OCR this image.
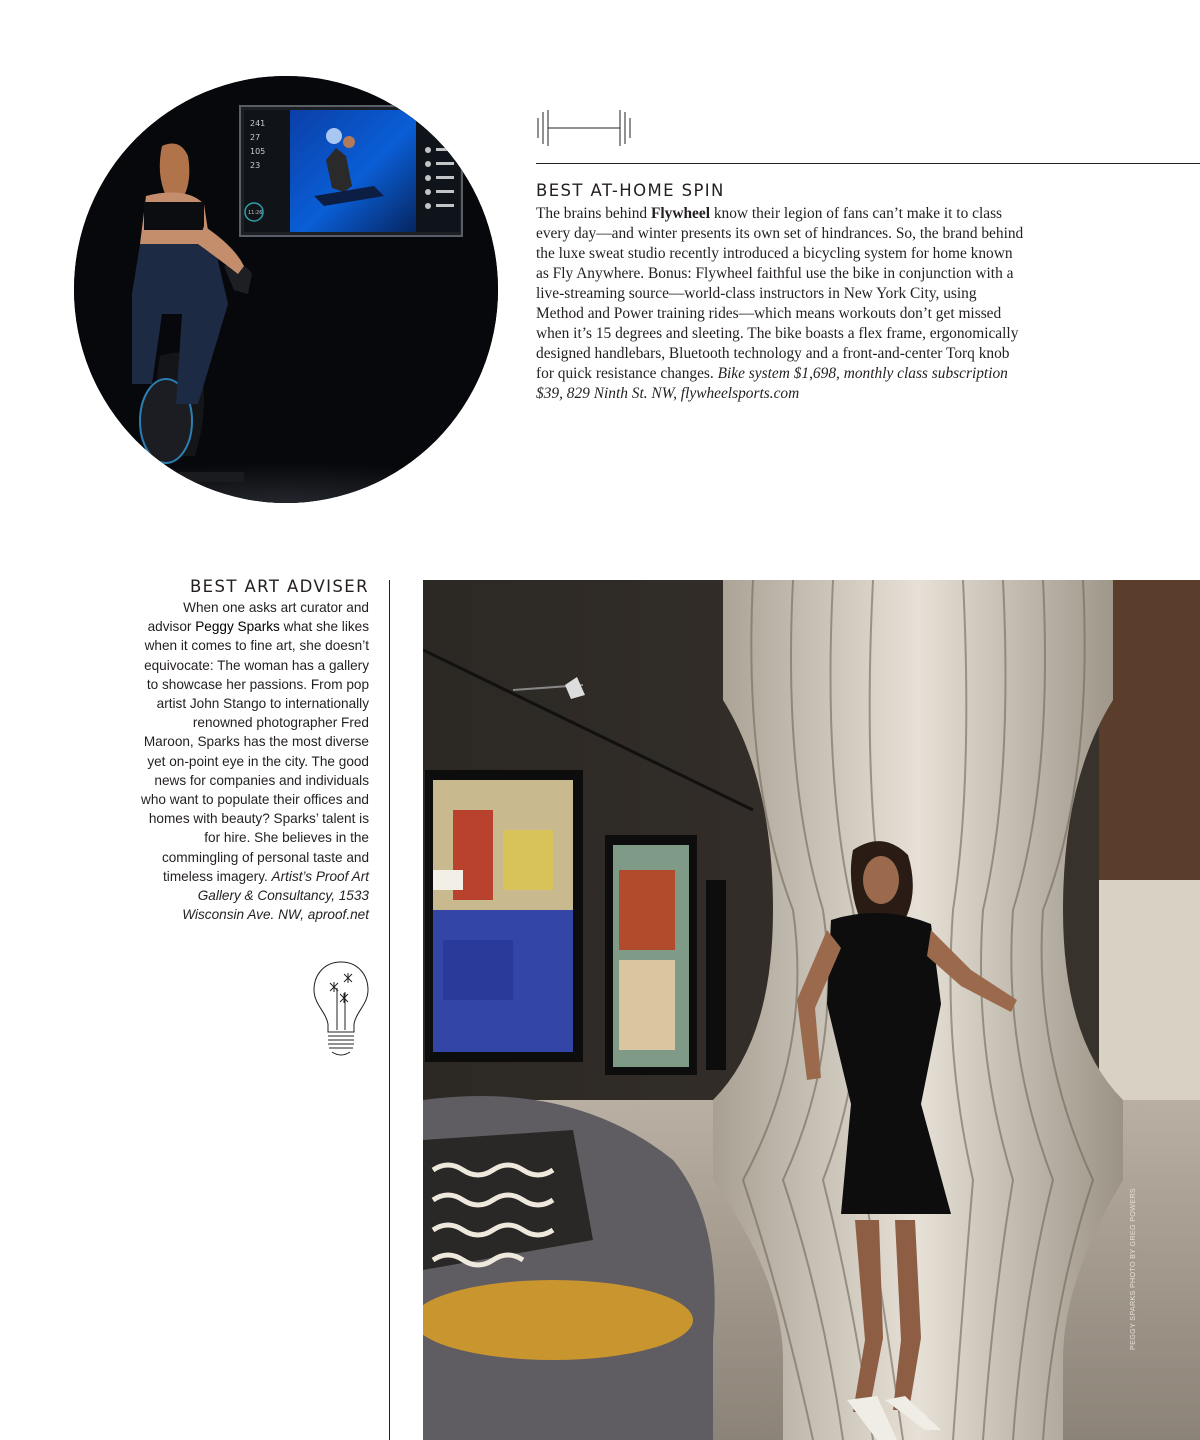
241
27
105
23
11:26
BEST AT-HOME SPIN

The brains behind Flywheel know their legion of fans can’t make it to class every day—and winter presents its own set of hindrances. So, the brand behind the luxe sweat studio recently introduced a bicycling system for home known as Fly Anywhere. Bonus: Flywheel faithful use the bike in conjunction with a live-streaming source—world-class instructors in New York City, using Method and Power training rides—which means workouts don’t get missed when it’s 15 degrees and sleeting. The bike boasts a flex frame, ergonomically designed handlebars, Bluetooth technology and a front-and-center Torq knob for quick resistance changes. Bike system $1,698, monthly class subscription $39, 829 Ninth St. NW, flywheelsports.com

BEST ART ADVISER

When one asks art curator and advisor Peggy Sparks what she likes when it comes to fine art, she doesn’t equivocate: The woman has a gallery to showcase her passions. From pop artist John Stango to internationally renowned photographer Fred Maroon, Sparks has the most diverse yet on-point eye in the city. The good news for companies and individuals who want to populate their offices and homes with beauty? Sparks’ talent is for hire. She believes in the commingling of personal taste and timeless imagery. Artist’s Proof Art Gallery & Consultancy, 1533 Wisconsin Ave. NW, aproof.net

PEGGY SPARKS PHOTO BY GREG POWERS
